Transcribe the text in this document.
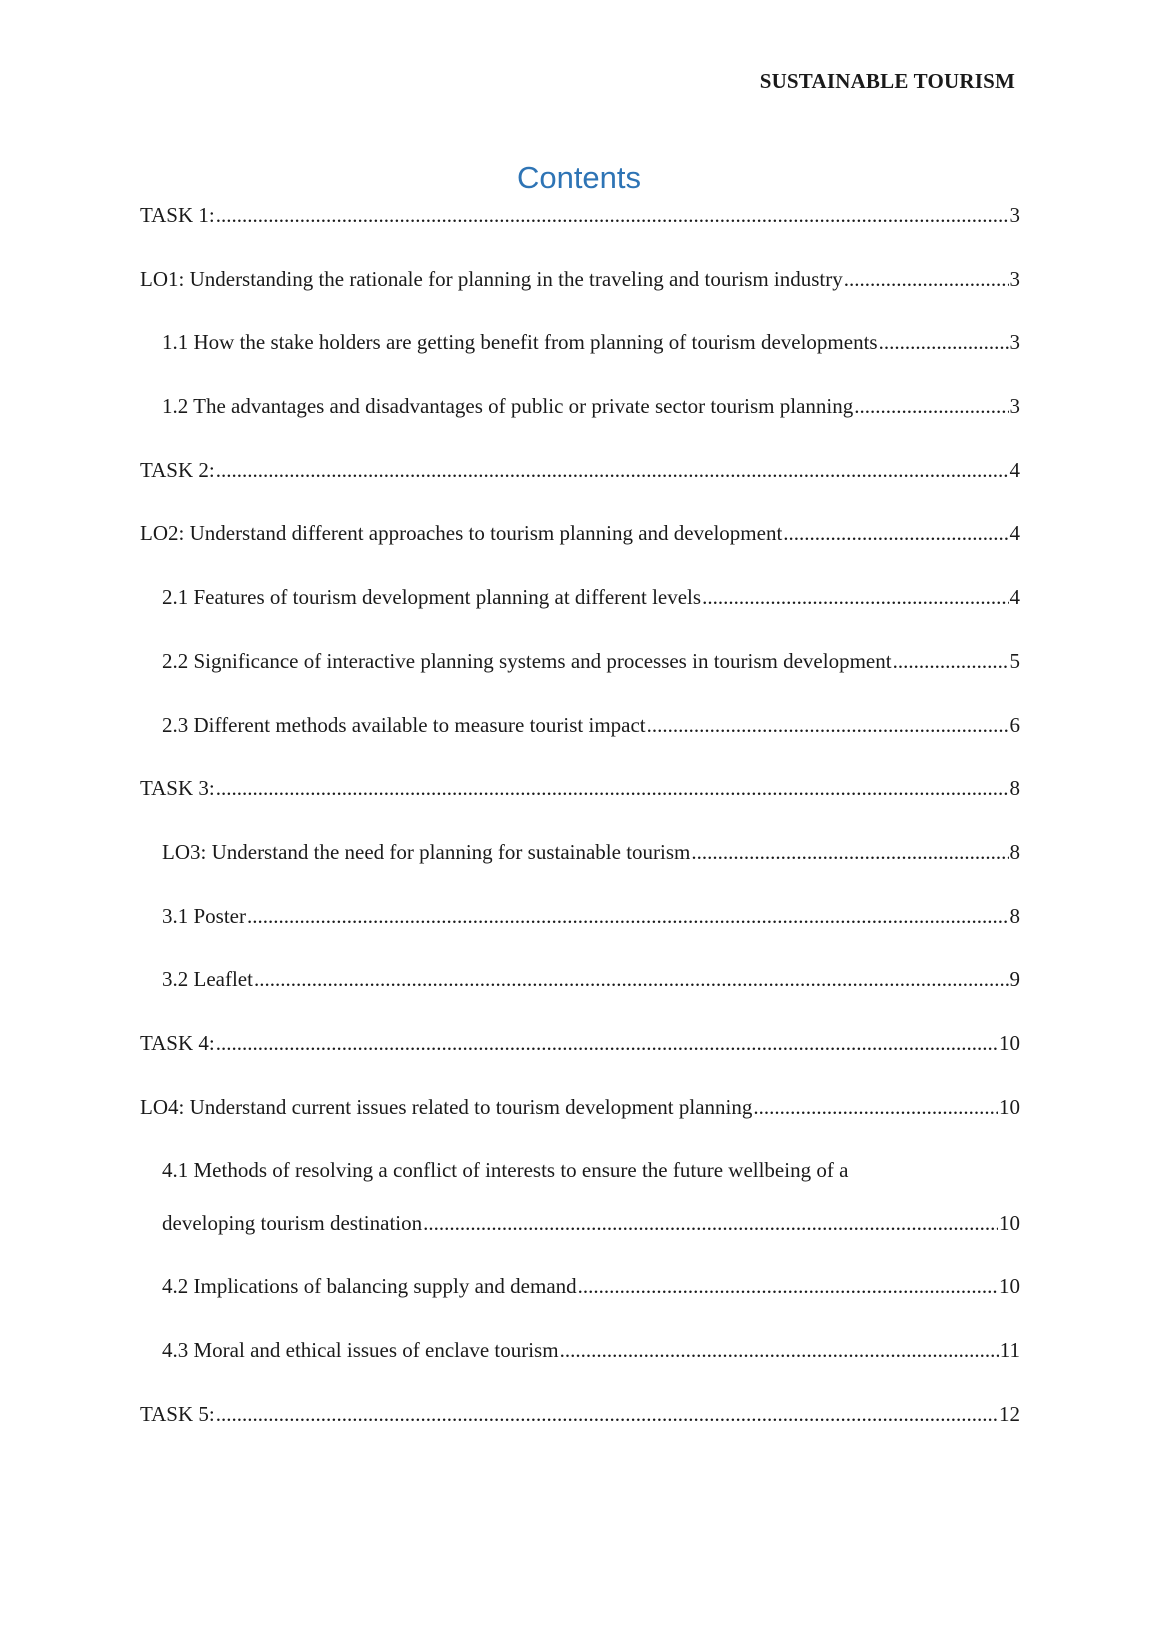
SUSTAINABLE TOURISM
Contents
TASK 1: .....	3
LO1: Understanding the rationale for planning in the traveling and tourism industry .....	3
1.1 How the stake holders are getting benefit from planning of tourism developments .....	3
1.2 The advantages and disadvantages of public or private sector tourism planning .....	3
TASK 2: .....	4
LO2: Understand different approaches to tourism planning and development .....	4
2.1 Features of tourism development planning at different levels .....	4
2.2 Significance of interactive planning systems and processes in tourism development .....	5
2.3 Different methods available to measure tourist impact .....	6
TASK 3: .....	8
LO3: Understand the need for planning for sustainable tourism .....	8
3.1 Poster .....	8
3.2 Leaflet .....	9
TASK 4: .....	10
LO4: Understand current issues related to tourism development planning .....	10
4.1 Methods of resolving a conflict of interests to ensure the future wellbeing of a
developing tourism destination .....	10
4.2 Implications of balancing supply and demand .....	10
4.3 Moral and ethical issues of enclave tourism .....	11
TASK 5: .....	12
